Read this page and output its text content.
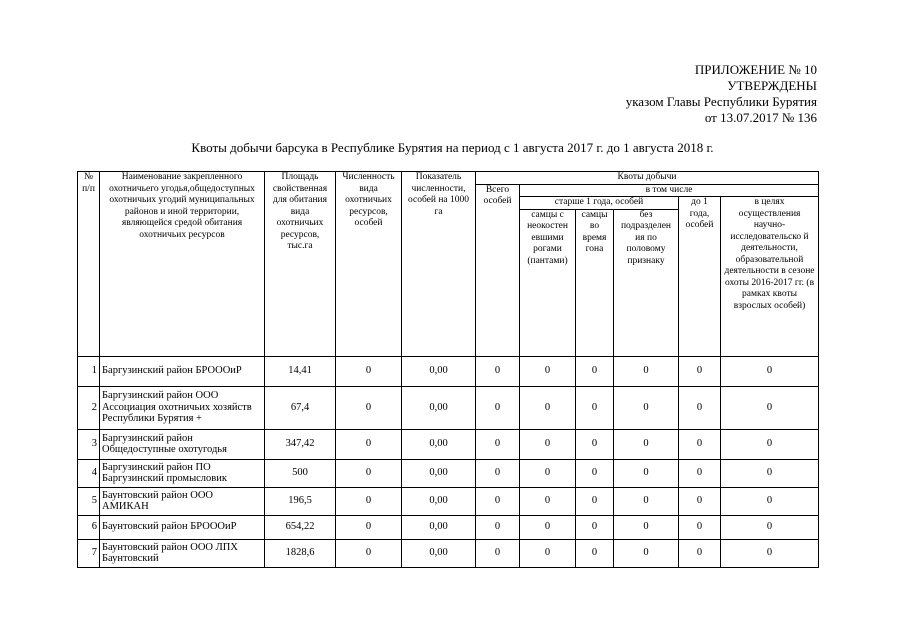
ПРИЛОЖЕНИЕ № 10
УТВЕРЖДЕНЫ
указом Главы Республики Бурятия
от 13.07.2017 № 136
Квоты добычи барсука в Республике Бурятия на период с 1 августа 2017 г. до 1 августа 2018 г.
№ п/п	Наименование закрепленного охотничьего угодья,общедоступных охотничьих угодий муниципальных районов и иной территории, являющейся средой обитания охотничьих ресурсов	Площадь свойственная для обитания вида охотничьих ресурсов, тыс.га	Численность вида охотничьих ресурсов, особей	Показатель численности, особей на 1000 га	Квоты добычи					
					Всего особей	в том числе				
						старше 1 года, особей			до 1 года, особей	в целях осуществления научно-исследовательско й деятельности, образовательной деятельности в сезоне охоты 2016-2017 гг. (в рамках квоты взрослых особей)
						самцы с неокостен евшими рогами (пантами)	самцы во время гона	без подразделен ия по половому признаку		
1	Баргузинский район БРОООиР	14,41	0	0,00	0	0	0	0	0	0
2	Баргузинский район ООО Ассоциация охотничьих хозяйств Республики Бурятия +	67,4	0	0,00	0	0	0	0	0	0
3	Баргузинский район Общедоступные охотугодья	347,42	0	0,00	0	0	0	0	0	0
4	Баргузинский район ПО Баргузинский промысловик	500	0	0,00	0	0	0	0	0	0
5	Баунтовский район ООО АМИКАН	196,5	0	0,00	0	0	0	0	0	0
6	Баунтовский район БРОООиР	654,22	0	0,00	0	0	0	0	0	0
7	Баунтовский район ООО ЛПХ Баунтовский	1828,6	0	0,00	0	0	0	0	0	0
